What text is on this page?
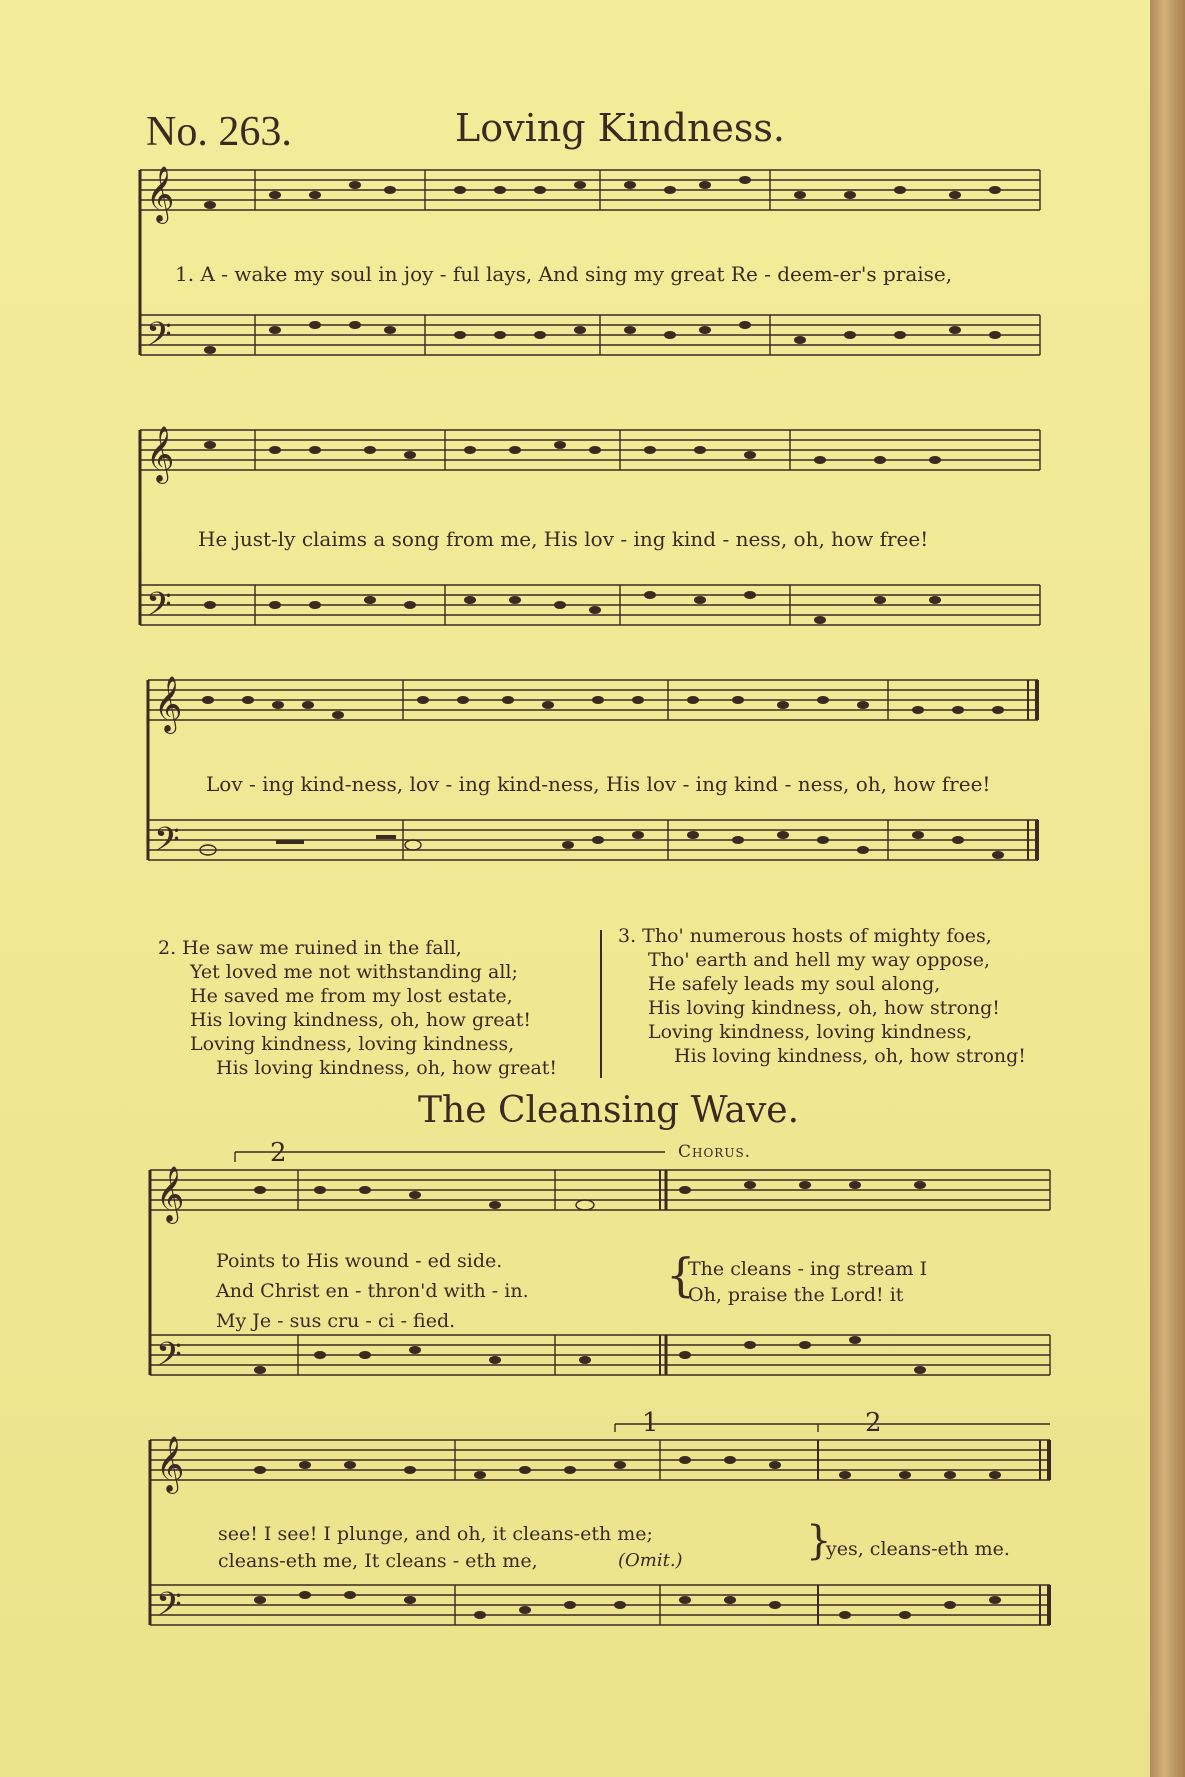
No. 263.	Loving Kindness.
𝄞
𝄢
1. A - wake my soul in joy - ful lays, And sing my great Re - deem-er's praise,
𝄞
𝄢
He just-ly claims a song from me, His lov - ing kind - ness, oh, how free!
𝄞
𝄢
Lov - ing kind-ness, lov - ing kind-ness, His lov - ing kind - ness, oh, how free!
2. He saw me ruined in the fall,
Yet loved me not withstanding all;
He saved me from my lost estate,
His loving kindness, oh, how great!
Loving kindness, loving kindness,
His loving kindness, oh, how great!
3. Tho' numerous hosts of mighty foes,
Tho' earth and hell my way oppose,
He safely leads my soul along,
His loving kindness, oh, how strong!
Loving kindness, loving kindness,
His loving kindness, oh, how strong!
The Cleansing Wave.
2	Chorus.
𝄞
𝄢
Points to His wound - ed side.
And Christ en - thron'd with - in.
My Je - sus cru - ci - fied.
{
The cleans - ing stream I
Oh, praise the Lord! it
1	2
𝄞
𝄢
see! I see! I plunge, and oh, it cleans-eth me;
cleans-eth me, It cleans - eth me,	(Omit.)	}
yes, cleans-eth me.
